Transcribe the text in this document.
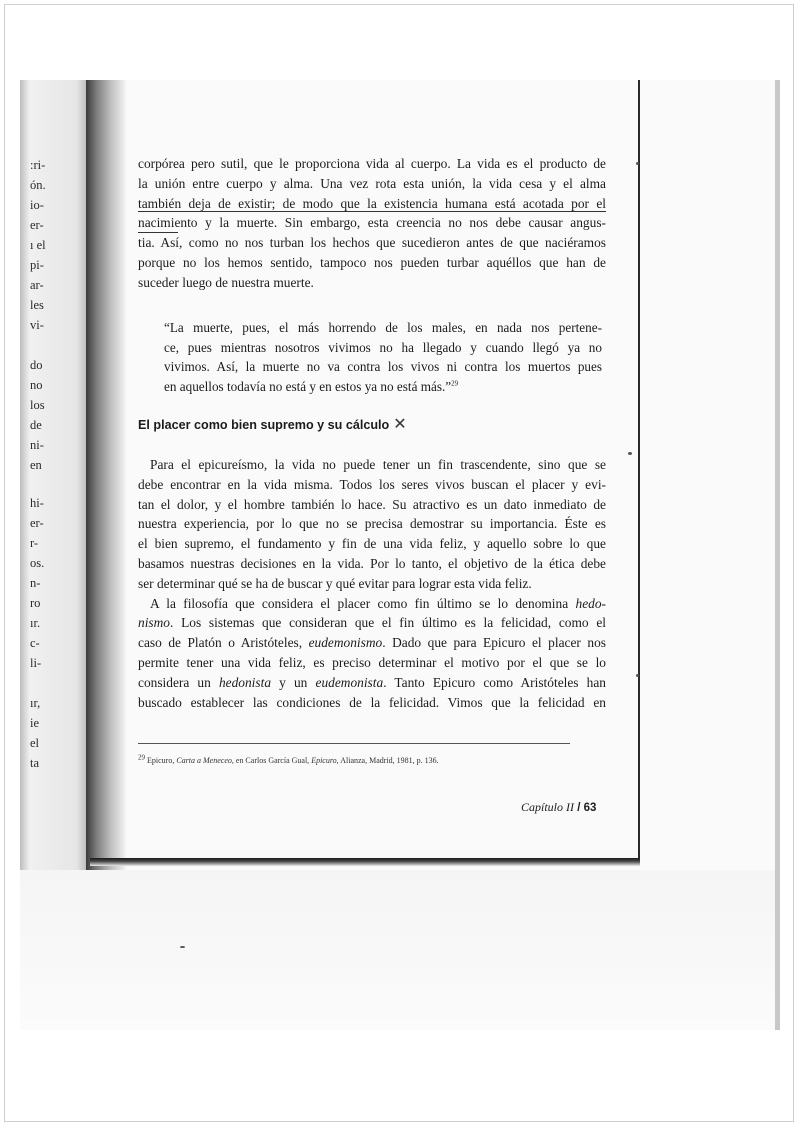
:ri-
ón.
io-
er-
ı el
pi-
ar-
les
vi-
do
no
los
de
ni-
en
hi-
er-
r-
os.
n-
ro
ır.
c-
li-
ır,
ie
el
ta

corpórea pero sutil, que le proporciona vida al cuerpo. La vida es el producto de
la unión entre cuerpo y alma. Una vez rota esta unión, la vida cesa y el alma
también deja de existir; de modo que la existencia humana está acotada por el
nacimiento y la muerte. Sin embargo, esta creencia no nos debe causar angus-
tia. Así, como no nos turban los hechos que sucedieron antes de que naciéramos
porque no los hemos sentido, tampoco nos pueden turbar aquéllos que han de
suceder luego de nuestra muerte.

“La muerte, pues, el más horrendo de los males, en nada nos pertene-
ce, pues mientras nosotros vivimos no ha llegado y cuando llegó ya no
vivimos. Así, la muerte no va contra los vivos ni contra los muertos pues
en aquellos todavía no está y en estos ya no está más.”$^{29}$
El placer como bien supremo y su cálculo ✕

Para el epicureísmo, la vida no puede tener un fin trascendente, sino que se
debe encontrar en la vida misma. Todos los seres vivos buscan el placer y evi-
tan el dolor, y el hombre también lo hace. Su atractivo es un dato inmediato de
nuestra experiencia, por lo que no se precisa demostrar su importancia. Éste es
el bien supremo, el fundamento y fin de una vida feliz, y aquello sobre lo que
basamos nuestras decisiones en la vida. Por lo tanto, el objetivo de la ética debe
ser determinar qué se ha de buscar y qué evitar para lograr esta vida feliz.

A la filosofía que considera el placer como fin último se lo denomina hedo-
nismo. Los sistemas que consideran que el fin último es la felicidad, como el
caso de Platón o Aristóteles, eudemonismo. Dado que para Epicuro el placer nos
permite tener una vida feliz, es preciso determinar el motivo por el que se lo
considera un hedonista y un eudemonista. Tanto Epicuro como Aristóteles han
buscado establecer las condiciones de la felicidad. Vimos que la felicidad en

29 Epicuro, Carta a Meneceo, en Carlos García Gual, Epicuro, Alianza, Madrid, 1981, p. 136.
Capítulo II / 63
